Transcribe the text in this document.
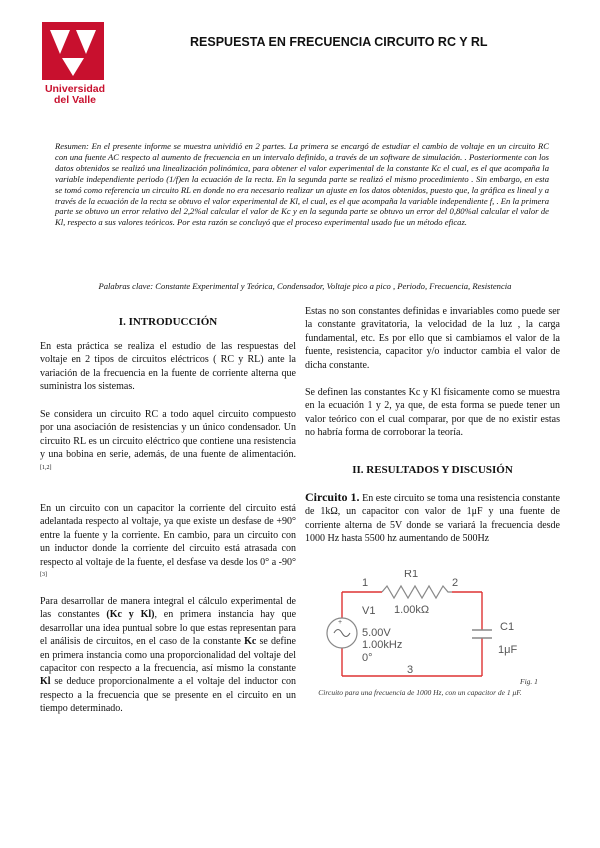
Universidad
del Valle
RESPUESTA EN FRECUENCIA CIRCUITO RC Y RL
Resumen: En el presente informe se muestra unividió en 2 partes. La primera se encargó de estudiar el cambio de voltaje en un circuito RC con una fuente AC respecto al aumento de frecuencia en un intervalo definido, a través de un software de simulación. . Posteriormente con los datos obtenidos se realizó una linealización polinómica, para obtener el valor experimental de la constante Kc el cual, es el que acompaña la variable independiente periodo (1/f)en la ecuación de la recta. En la segunda parte se realizó el mismo procedimiento . Sin embargo, en esta se tomó como referencia un circuito RL en donde no era necesario realizar un ajuste en los datos obtenidos, puesto que, la gráfica es lineal y a través de la ecuación de la recta se obtuvo el valor experimental de Kl, el cual, es el que acompaña la variable independiente f, . En la primera parte se obtuvo un error relativo del 2,2%al calcular el valor de Kc y en la segunda parte se obtuvo un error del 0,80%al calcular el valor de Kl, respecto a sus valores teóricos. Por esta razón se concluyó que el proceso experimental usado fue un método eficaz.
Palabras clave: Constante Experimental y Teórica, Condensador, Voltaje pico a pico , Periodo, Frecuencia, Resistencia
I. INTRODUCCIÓN
En esta práctica se realiza el estudio de las respuestas del voltaje en 2 tipos de circuitos eléctricos ( RC y RL) ante la variación de la frecuencia en la fuente de corriente alterna que suministra los sistemas.
Se considera un circuito RC a todo aquel circuito compuesto por una asociación de resistencias y un único condensador. Un circuito RL es un circuito eléctrico que contiene una resistencia y una bobina en serie, además, de una fuente de alimentación.[1,2]
En un circuito con un capacitor la corriente del circuito está adelantada respecto al voltaje, ya que existe un desfase de +90° entre la fuente y la corriente. En cambio, para un circuito con un inductor donde la corriente del circuito está atrasada con respecto al voltaje de la fuente, el desfase va desde los 0° a -90°[3]
Para desarrollar de manera integral el cálculo experimental de las constantes (Kc y Kl), en primera instancia hay que desarrollar una idea puntual sobre lo que estas representan para el análisis de circuitos, en el caso de la constante Kc se define en primera instancia como una proporcionalidad del voltaje del capacitor con respecto a la frecuencia, así mismo la constante Kl se deduce proporcionalmente a el voltaje del inductor con respecto a la frecuencia que se presente en el circuito en un tiempo determinado.
Estas no son constantes definidas e invariables como puede ser la constante gravitatoria, la velocidad de la luz , la carga fundamental, etc. Es por ello que si cambiamos el valor de la fuente, resistencia, capacitor y/o inductor cambia el valor de dicha constante.
Se definen las constantes Kc y Kl físicamente como se muestra en la ecuación 1 y 2, ya que, de esta forma se puede tener un valor teórico con el cual comparar, por que de no existir estas no habría forma de corroborar la teoría.
II. RESULTADOS Y DISCUSIÓN
Circuito 1. En este circuito se toma una resistencia constante de 1kΩ, un capacitor con valor de 1μF y una fuente de corriente alterna de 5V donde se variará la frecuencia desde 1000 Hz hasta 5500 hz aumentando de 500Hz
+
1	2
3
R1
1.00kΩ
V1
5.00V
1.00kHz
0°
C1
1μF
Fig. 1
Circuito para una frecuencia de 1000 Hz, con un capacitor de 1 μF.
